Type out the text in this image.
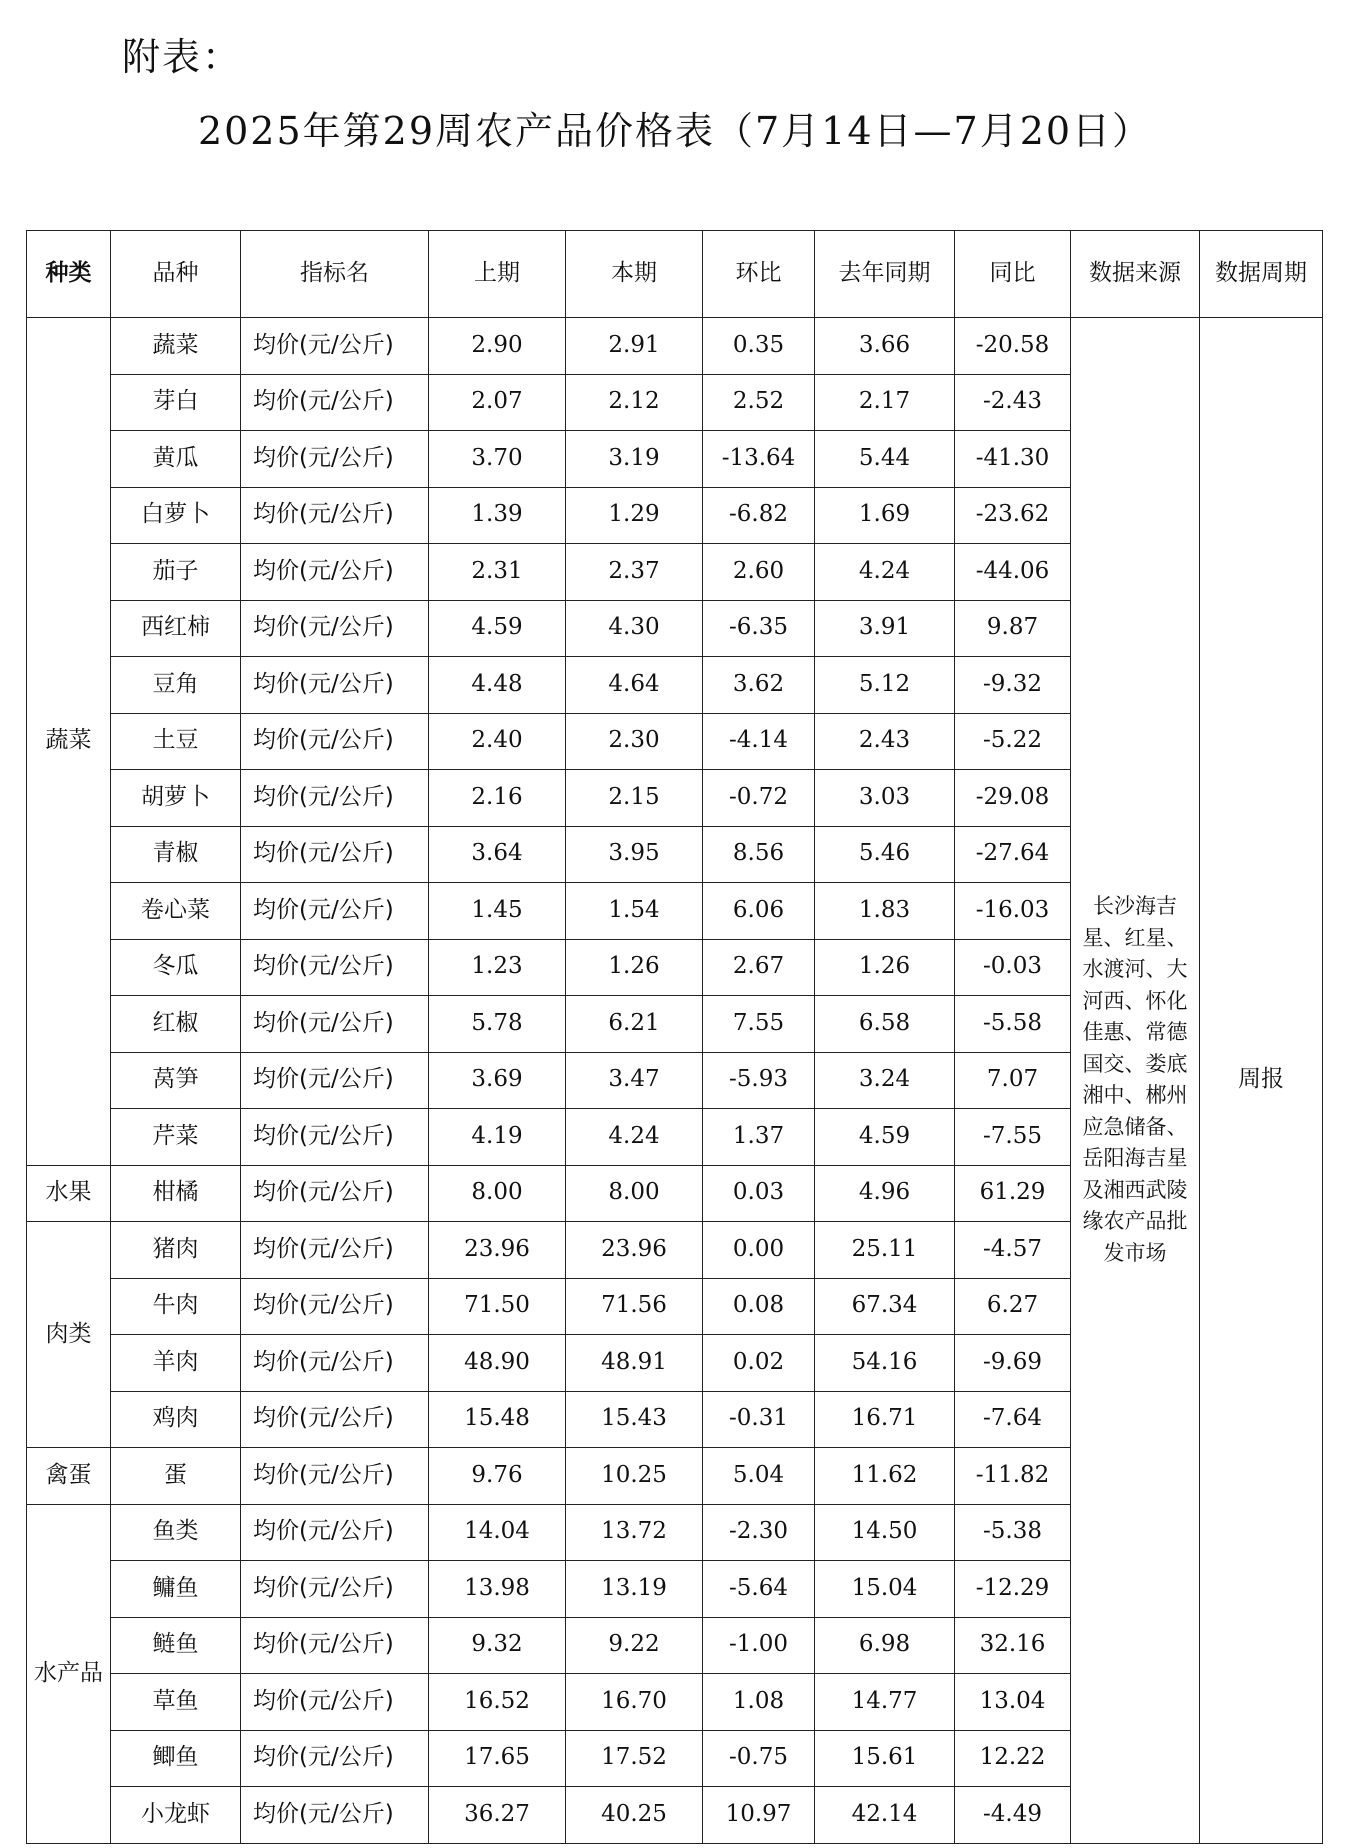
附表：
2025年第29周农产品价格表（7月14日—7月20日）
种类	品种	指标名	上期	本期	环比	去年同期	同比	数据来源	数据周期
蔬菜	蔬菜	均价(元/公斤)	2.90	2.91	0.35	3.66	-20.58	长沙海吉星、红星、水渡河、大河西、怀化佳惠、常德国交、娄底湘中、郴州应急储备、岳阳海吉星及湘西武陵缘农产品批发市场	周报
	芽白	均价(元/公斤)	2.07	2.12	2.52	2.17	-2.43		
	黄瓜	均价(元/公斤)	3.70	3.19	-13.64	5.44	-41.30		
	白萝卜	均价(元/公斤)	1.39	1.29	-6.82	1.69	-23.62		
	茄子	均价(元/公斤)	2.31	2.37	2.60	4.24	-44.06		
	西红柿	均价(元/公斤)	4.59	4.30	-6.35	3.91	9.87		
	豆角	均价(元/公斤)	4.48	4.64	3.62	5.12	-9.32		
	土豆	均价(元/公斤)	2.40	2.30	-4.14	2.43	-5.22		
	胡萝卜	均价(元/公斤)	2.16	2.15	-0.72	3.03	-29.08		
	青椒	均价(元/公斤)	3.64	3.95	8.56	5.46	-27.64		
	卷心菜	均价(元/公斤)	1.45	1.54	6.06	1.83	-16.03		
	冬瓜	均价(元/公斤)	1.23	1.26	2.67	1.26	-0.03		
	红椒	均价(元/公斤)	5.78	6.21	7.55	6.58	-5.58		
	莴笋	均价(元/公斤)	3.69	3.47	-5.93	3.24	7.07		
	芹菜	均价(元/公斤)	4.19	4.24	1.37	4.59	-7.55		
水果	柑橘	均价(元/公斤)	8.00	8.00	0.03	4.96	61.29		
肉类	猪肉	均价(元/公斤)	23.96	23.96	0.00	25.11	-4.57		
	牛肉	均价(元/公斤)	71.50	71.56	0.08	67.34	6.27		
	羊肉	均价(元/公斤)	48.90	48.91	0.02	54.16	-9.69		
	鸡肉	均价(元/公斤)	15.48	15.43	-0.31	16.71	-7.64		
禽蛋	蛋	均价(元/公斤)	9.76	10.25	5.04	11.62	-11.82		
水产品	鱼类	均价(元/公斤)	14.04	13.72	-2.30	14.50	-5.38		
	鳙鱼	均价(元/公斤)	13.98	13.19	-5.64	15.04	-12.29		
	鲢鱼	均价(元/公斤)	9.32	9.22	-1.00	6.98	32.16		
	草鱼	均价(元/公斤)	16.52	16.70	1.08	14.77	13.04		
	鲫鱼	均价(元/公斤)	17.65	17.52	-0.75	15.61	12.22		
	小龙虾	均价(元/公斤)	36.27	40.25	10.97	42.14	-4.49		
